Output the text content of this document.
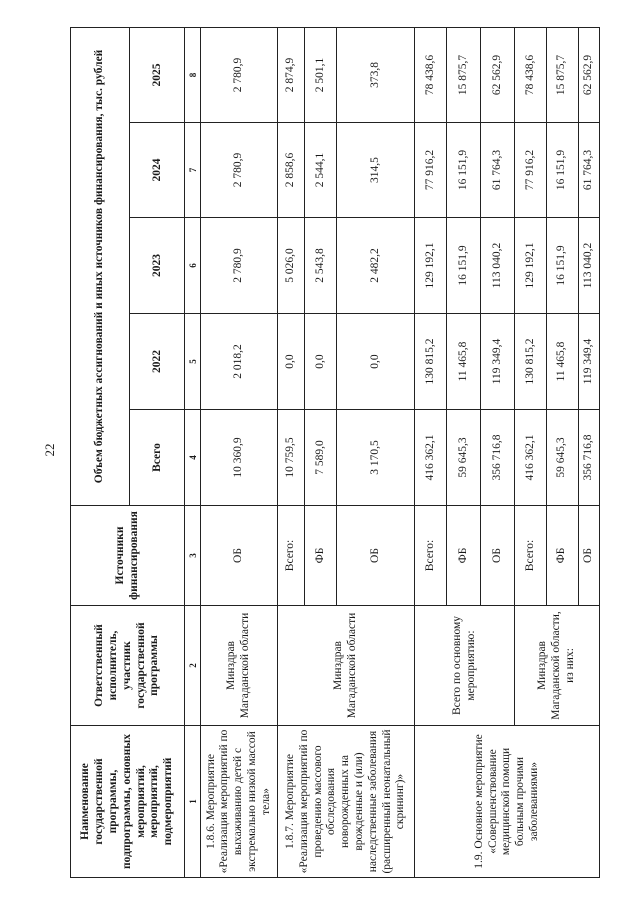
22
Наименование государственной программы, подпрограммы, основных мероприятий, мероприятий, подмероприятий	Ответственный исполнитель, участник государственной программы	Источники финансирования	Объем бюджетных ассигнований и иных источников финансирования, тыс. рублей				
			Всего	2022	2023	2024	2025
1	2	3	4	5	6	7	8
1.8.6. Мероприятие «Реализация мероприятий по выхаживанию детей с экстремально низкой массой тела»	Минздрав Магаданской области	ОБ	10 360,9	2 018,2	2 780,9	2 780,9	2 780,9
1.8.7. Мероприятие «Реализация мероприятий по проведению массового обследования новорожденных на врожденные и (или) наследственные заболевания (расширенный неонатальный скрининг)»	Минздрав Магаданской области	Всего:	10 759,5	0,0	5 026,0	2 858,6	2 874,9
		ФБ	7 589,0	0,0	2 543,8	2 544,1	2 501,1
		ОБ	3 170,5	0,0	2 482,2	314,5	373,8
1.9. Основное мероприятие «Совершенствование медицинской помощи больным прочими заболеваниями»	Всего по основному мероприятию:	Всего:	416 362,1	130 815,2	129 192,1	77 916,2	78 438,6
		ФБ	59 645,3	11 465,8	16 151,9	16 151,9	15 875,7
		ОБ	356 716,8	119 349,4	113 040,2	61 764,3	62 562,9
	Минздрав Магаданской области, из них:	Всего:	416 362,1	130 815,2	129 192,1	77 916,2	78 438,6
		ФБ	59 645,3	11 465,8	16 151,9	16 151,9	15 875,7
		ОБ	356 716,8	119 349,4	113 040,2	61 764,3	62 562,9
